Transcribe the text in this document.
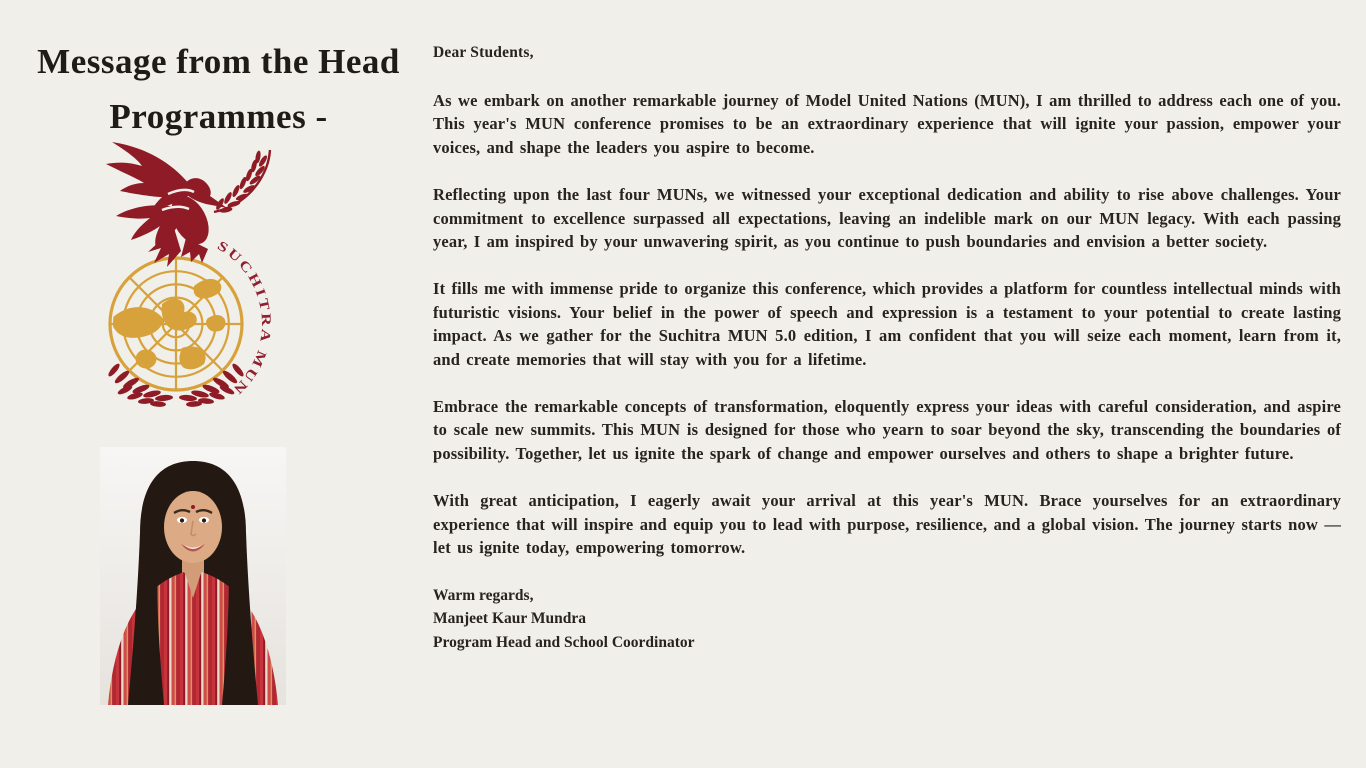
Message from the Head
Programmes -
SUCHITRA MUN

Dear Students,

As we embark on another remarkable journey of Model United Nations (MUN), I am thrilled to address each one of you. This year's MUN conference promises to be an extraordinary experience that will ignite your passion, empower your voices, and shape the leaders you aspire to become.

Reflecting upon the last four MUNs, we witnessed your exceptional dedication and ability to rise above challenges. Your commitment to excellence surpassed all expectations, leaving an indelible mark on our MUN legacy. With each passing year, I am inspired by your unwavering spirit, as you continue to push boundaries and envision a better society.

It fills me with immense pride to organize this conference, which provides a platform for countless intellectual minds with futuristic visions. Your belief in the power of speech and expression is a testament to your potential to create lasting impact. As we gather for the Suchitra MUN 5.0 edition, I am confident that you will seize each moment, learn from it, and create memories that will stay with you for a lifetime.

Embrace the remarkable concepts of transformation, eloquently express your ideas with careful consideration, and aspire to scale new summits. This MUN is designed for those who yearn to soar beyond the sky, transcending the boundaries of possibility. Together, let us ignite the spark of change and empower ourselves and others to shape a brighter future.

With great anticipation, I eagerly await your arrival at this year's MUN. Brace yourselves for an extraordinary experience that will inspire and equip you to lead with purpose, resilience, and a global vision. The journey starts now —let us ignite today, empowering tomorrow.

Warm regards,

Manjeet Kaur Mundra

Program Head and School Coordinator
